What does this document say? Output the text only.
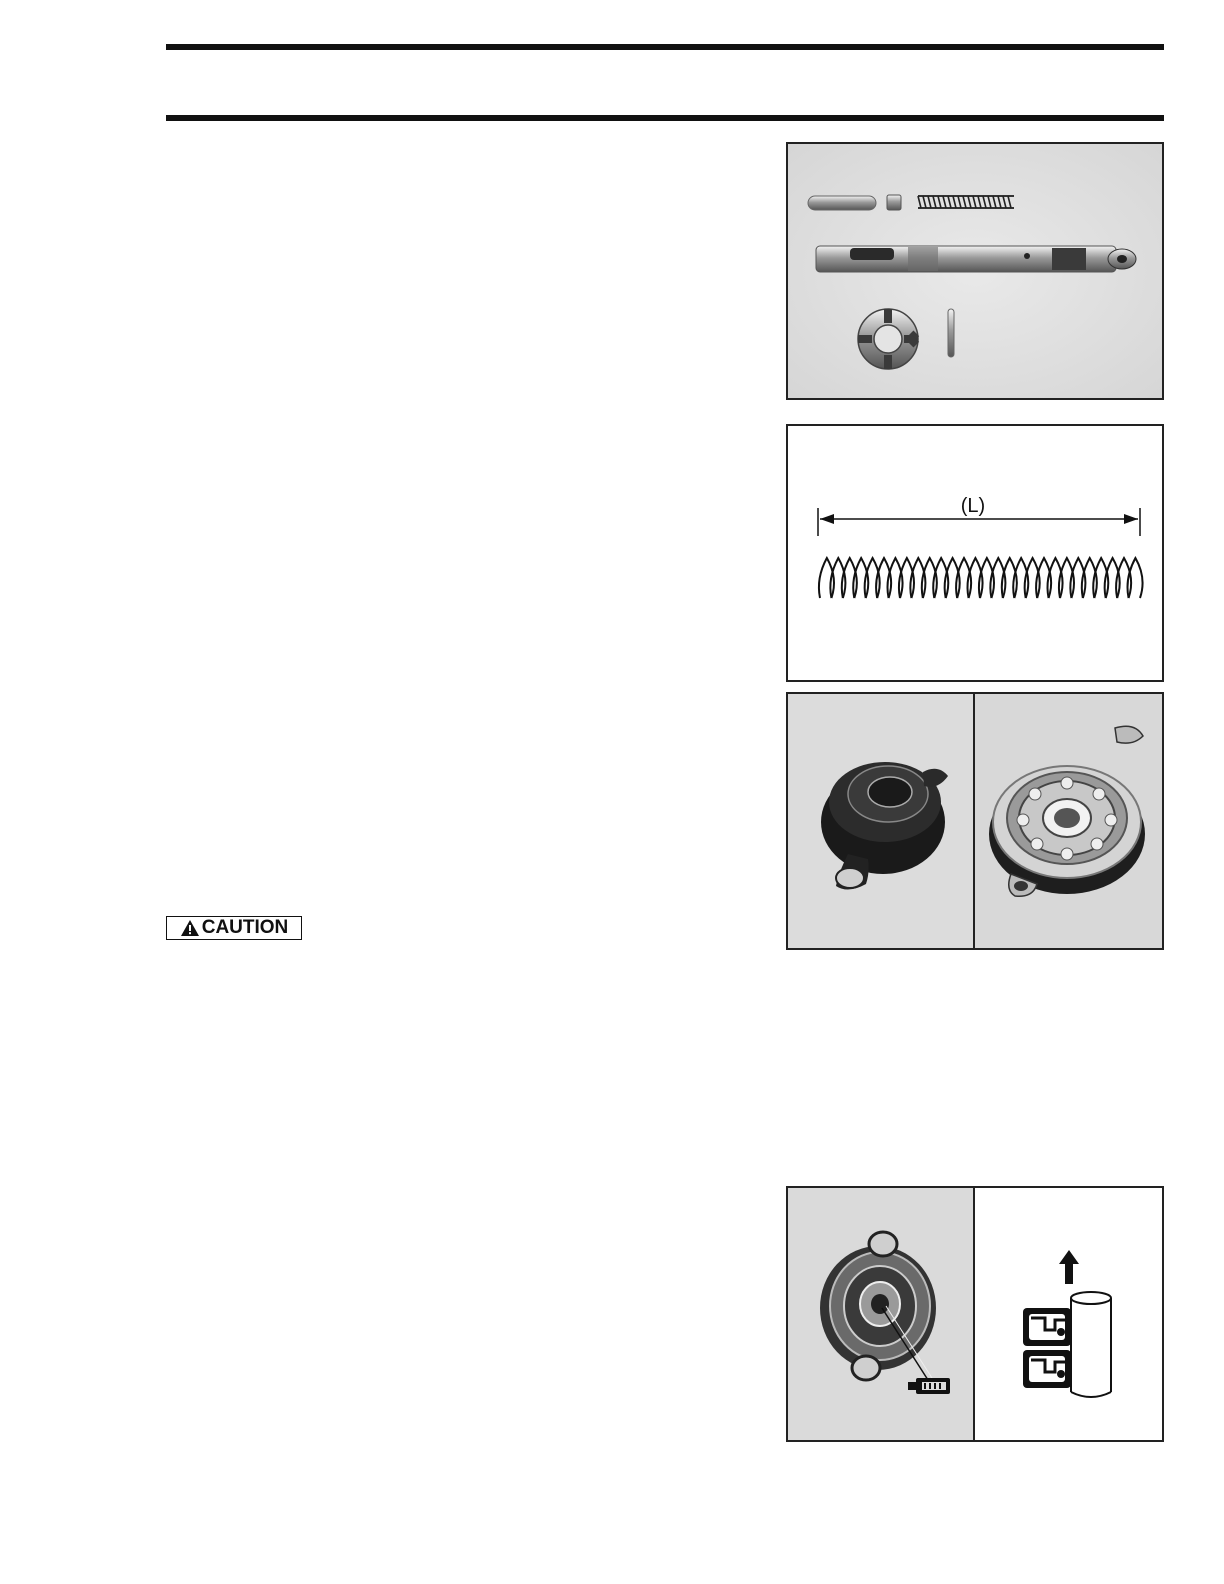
(L)
CAUTION
